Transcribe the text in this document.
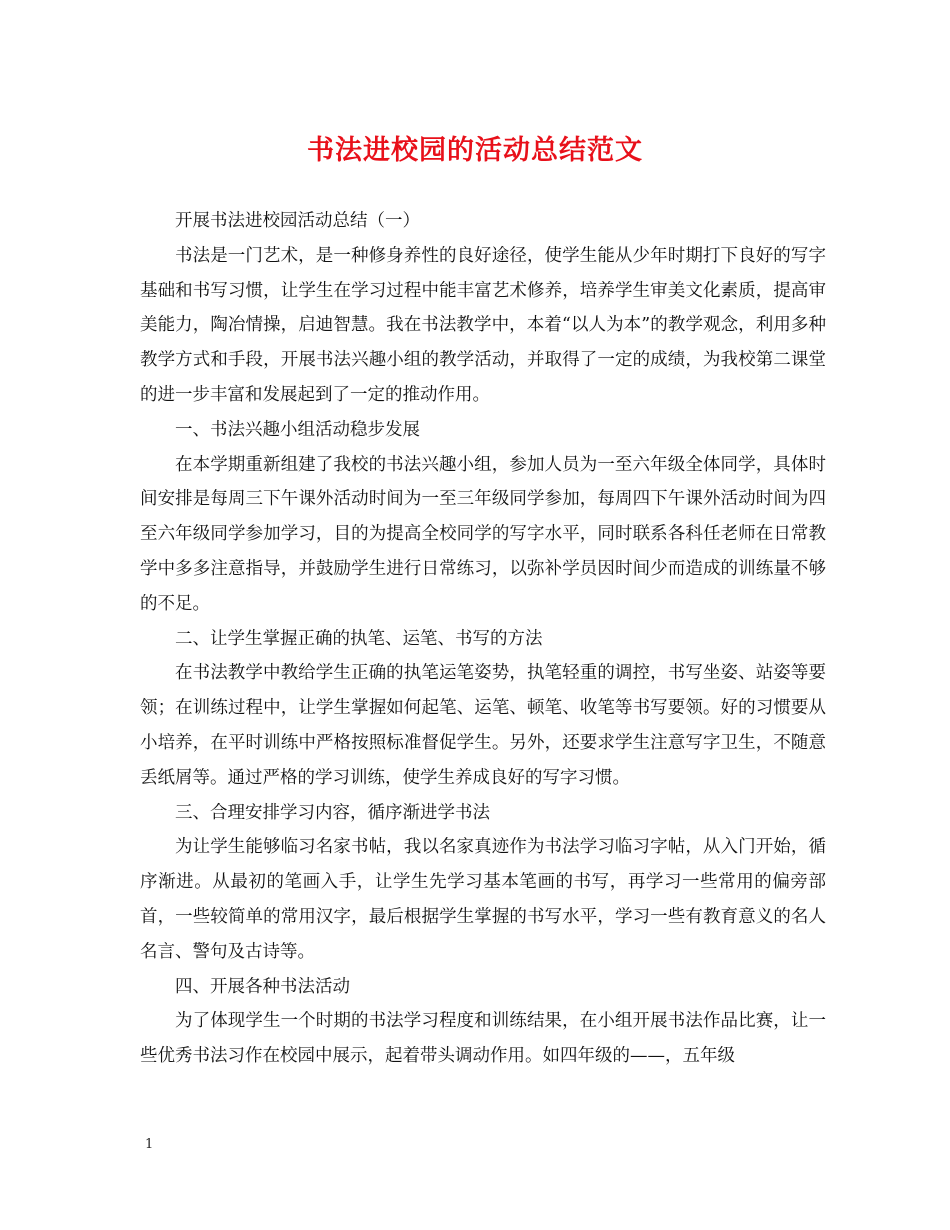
书法进校园的活动总结范文

开展书法进校园活动总结（一）

书法是一门艺术，是一种修身养性的良好途径，使学生能从少年时期打下良好的写字基础和书写习惯，让学生在学习过程中能丰富艺术修养，培养学生审美文化素质，提高审美能力，陶冶情操，启迪智慧。我在书法教学中，本着“以人为本”的教学观念，利用多种教学方式和手段，开展书法兴趣小组的教学活动，并取得了一定的成绩，为我校第二课堂的进一步丰富和发展起到了一定的推动作用。

一、书法兴趣小组活动稳步发展

在本学期重新组建了我校的书法兴趣小组，参加人员为一至六年级全体同学，具体时间安排是每周三下午课外活动时间为一至三年级同学参加，每周四下午课外活动时间为四至六年级同学参加学习，目的为提高全校同学的写字水平，同时联系各科任老师在日常教学中多多注意指导，并鼓励学生进行日常练习，以弥补学员因时间少而造成的训练量不够的不足。

二、让学生掌握正确的执笔、运笔、书写的方法

在书法教学中教给学生正确的执笔运笔姿势，执笔轻重的调控，书写坐姿、站姿等要领；在训练过程中，让学生掌握如何起笔、运笔、顿笔、收笔等书写要领。好的习惯要从小培养，在平时训练中严格按照标准督促学生。另外，还要求学生注意写字卫生，不随意丢纸屑等。通过严格的学习训练，使学生养成良好的写字习惯。

三、合理安排学习内容，循序渐进学书法

为让学生能够临习名家书帖，我以名家真迹作为书法学习临习字帖，从入门开始，循序渐进。从最初的笔画入手，让学生先学习基本笔画的书写，再学习一些常用的偏旁部首，一些较简单的常用汉字，最后根据学生掌握的书写水平，学习一些有教育意义的名人名言、警句及古诗等。

四、开展各种书法活动

为了体现学生一个时期的书法学习程度和训练结果，在小组开展书法作品比赛，让一些优秀书法习作在校园中展示，起着带头调动作用。如四年级的——，五年级

1
